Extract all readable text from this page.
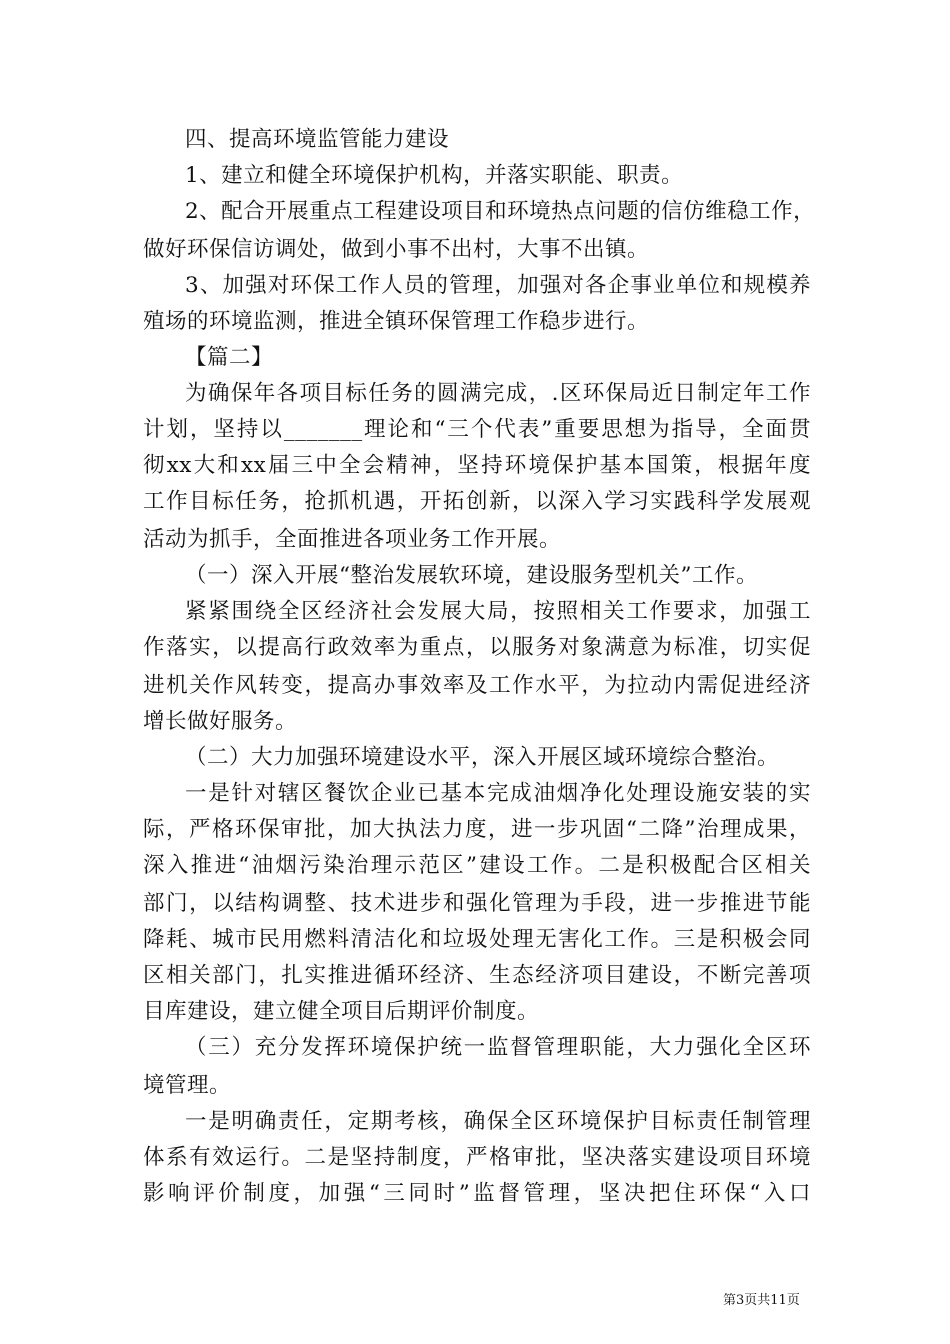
四、提高环境监管能力建设
1、建立和健全环境保护机构，并落实职能、职责。
2、配合开展重点工程建设项目和环境热点问题的信仿维稳工作，
做好环保信访调处，做到小事不出村，大事不出镇。
3、加强对环保工作人员的管理，加强对各企事业单位和规模养
殖场的环境监测，推进全镇环保管理工作稳步进行。
【篇二】
为确保年各项目标任务的圆满完成，.区环保局近日制定年工作
计划，坚持以_______理论和“三个代表”重要思想为指导，全面贯
彻xx大和xx届三中全会精神，坚持环境保护基本国策，根据年度
工作目标任务，抢抓机遇，开拓创新，以深入学习实践科学发展观
活动为抓手，全面推进各项业务工作开展。
（一）深入开展“整治发展软环境，建设服务型机关”工作。
紧紧围绕全区经济社会发展大局，按照相关工作要求，加强工
作落实，以提高行政效率为重点，以服务对象满意为标准，切实促
进机关作风转变，提高办事效率及工作水平，为拉动内需促进经济
增长做好服务。
（二）大力加强环境建设水平，深入开展区域环境综合整治。
一是针对辖区餐饮企业已基本完成油烟净化处理设施安装的实
际，严格环保审批，加大执法力度，进一步巩固“二降”治理成果，
深入推进“油烟污染治理示范区”建设工作。二是积极配合区相关
部门，以结构调整、技术进步和强化管理为手段，进一步推进节能
降耗、城市民用燃料清洁化和垃圾处理无害化工作。三是积极会同
区相关部门，扎实推进循环经济、生态经济项目建设，不断完善项
目库建设，建立健全项目后期评价制度。
（三）充分发挥环境保护统一监督管理职能，大力强化全区环
境管理。
一是明确责任，定期考核，确保全区环境保护目标责任制管理
体系有效运行。二是坚持制度，严格审批，坚决落实建设项目环境
影响评价制度，加强“三同时”监督管理，坚决把住环保“入口
第3页共11页
